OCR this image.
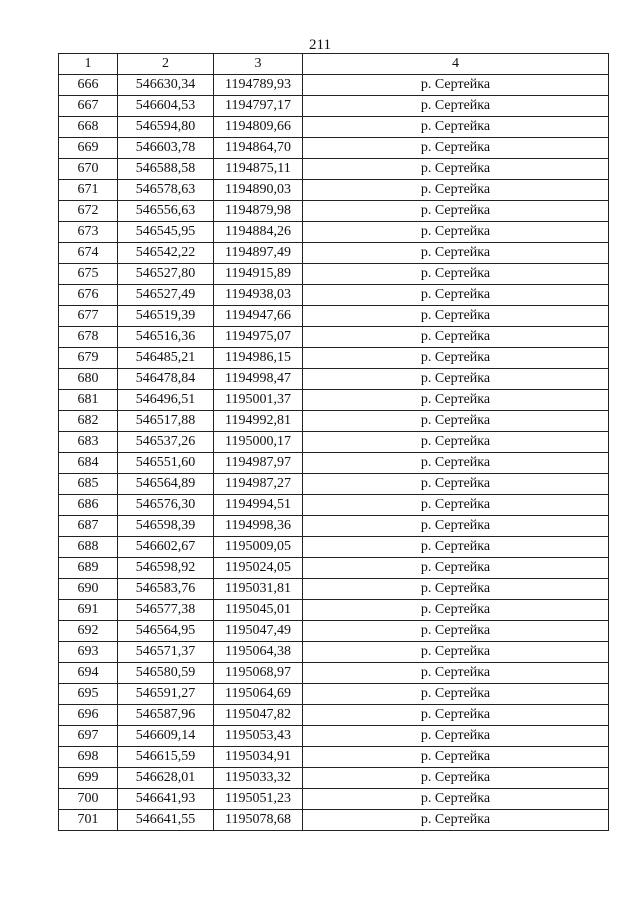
211
1	2	3	4
666	546630,34	1194789,93	р. Сертейка
667	546604,53	1194797,17	р. Сертейка
668	546594,80	1194809,66	р. Сертейка
669	546603,78	1194864,70	р. Сертейка
670	546588,58	1194875,11	р. Сертейка
671	546578,63	1194890,03	р. Сертейка
672	546556,63	1194879,98	р. Сертейка
673	546545,95	1194884,26	р. Сертейка
674	546542,22	1194897,49	р. Сертейка
675	546527,80	1194915,89	р. Сертейка
676	546527,49	1194938,03	р. Сертейка
677	546519,39	1194947,66	р. Сертейка
678	546516,36	1194975,07	р. Сертейка
679	546485,21	1194986,15	р. Сертейка
680	546478,84	1194998,47	р. Сертейка
681	546496,51	1195001,37	р. Сертейка
682	546517,88	1194992,81	р. Сертейка
683	546537,26	1195000,17	р. Сертейка
684	546551,60	1194987,97	р. Сертейка
685	546564,89	1194987,27	р. Сертейка
686	546576,30	1194994,51	р. Сертейка
687	546598,39	1194998,36	р. Сертейка
688	546602,67	1195009,05	р. Сертейка
689	546598,92	1195024,05	р. Сертейка
690	546583,76	1195031,81	р. Сертейка
691	546577,38	1195045,01	р. Сертейка
692	546564,95	1195047,49	р. Сертейка
693	546571,37	1195064,38	р. Сертейка
694	546580,59	1195068,97	р. Сертейка
695	546591,27	1195064,69	р. Сертейка
696	546587,96	1195047,82	р. Сертейка
697	546609,14	1195053,43	р. Сертейка
698	546615,59	1195034,91	р. Сертейка
699	546628,01	1195033,32	р. Сертейка
700	546641,93	1195051,23	р. Сертейка
701	546641,55	1195078,68	р. Сертейка
